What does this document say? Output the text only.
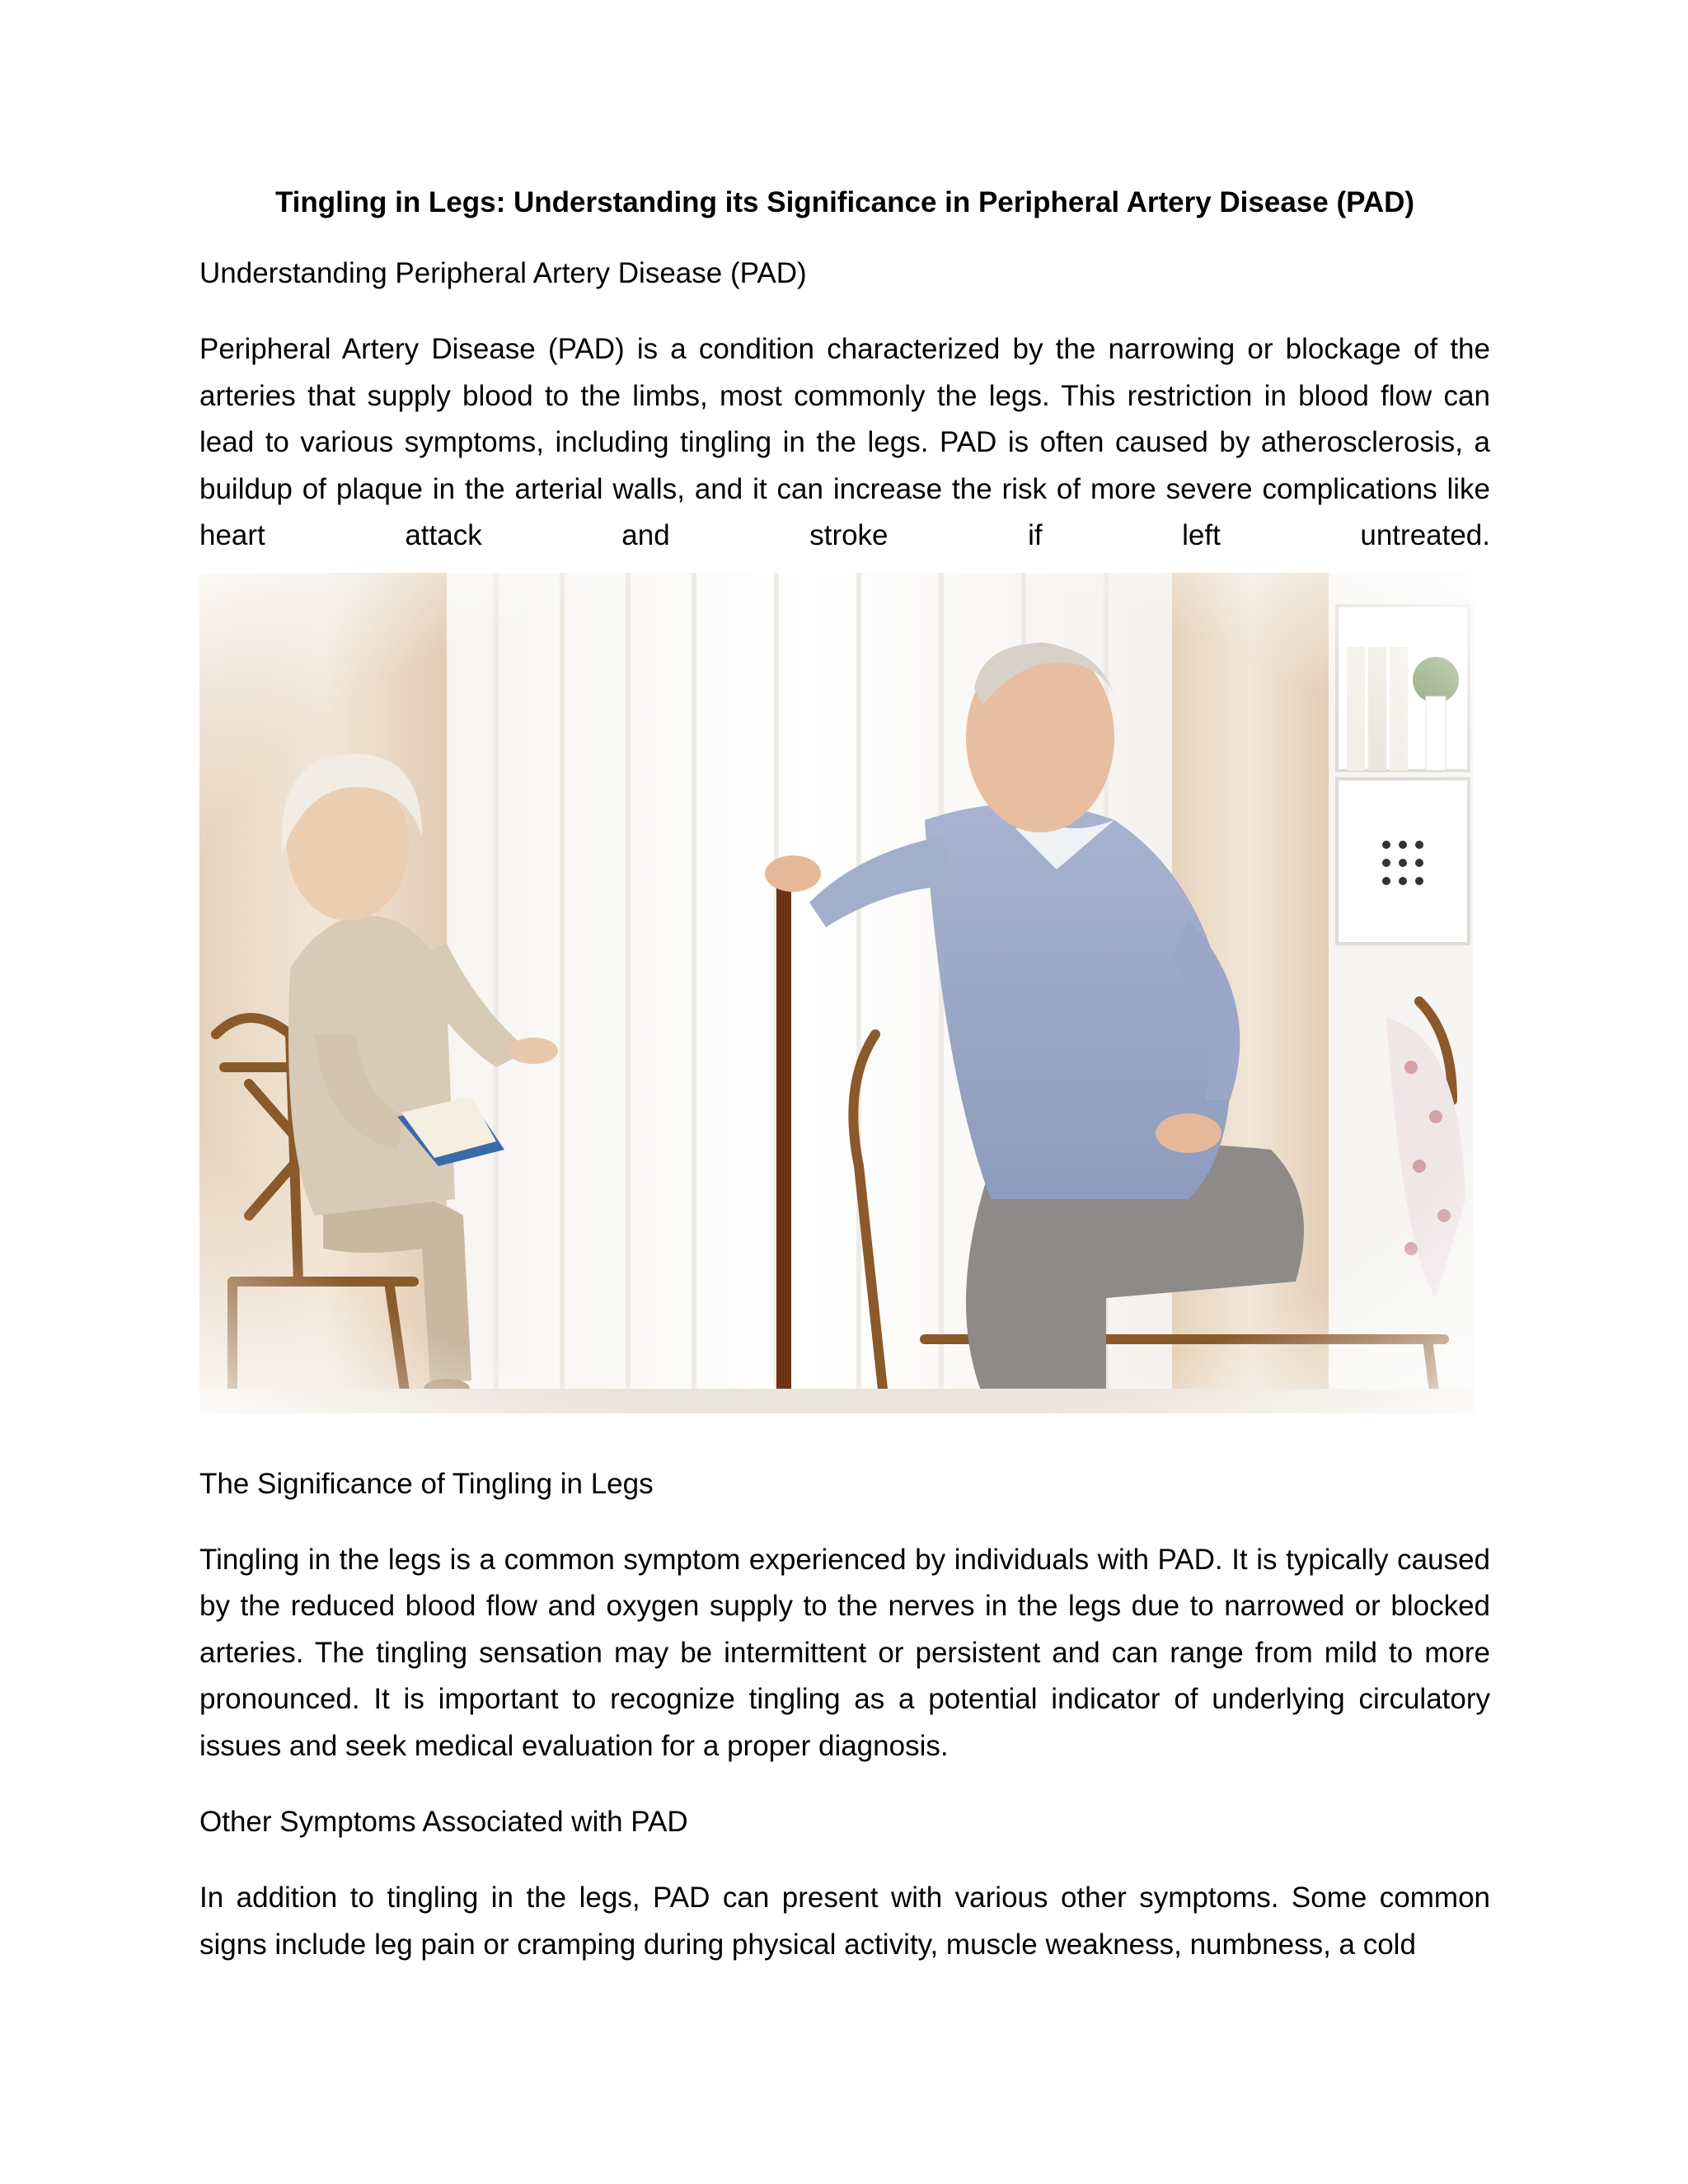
Tingling in Legs: Understanding its Significance in Peripheral Artery Disease (PAD)
Understanding Peripheral Artery Disease (PAD)

Peripheral Artery Disease (PAD) is a condition characterized by the narrowing or blockage of the arteries that supply blood to the limbs, most commonly the legs. This restriction in blood flow can lead to various symptoms, including tingling in the legs. PAD is often caused by atherosclerosis, a buildup of plaque in the arterial walls, and it can increase the risk of more severe complications like heart attack and stroke if left untreated.

The Significance of Tingling in Legs

Tingling in the legs is a common symptom experienced by individuals with PAD. It is typically caused by the reduced blood flow and oxygen supply to the nerves in the legs due to narrowed or blocked arteries. The tingling sensation may be intermittent or persistent and can range from mild to more pronounced. It is important to recognize tingling as a potential indicator of underlying circulatory issues and seek medical evaluation for a proper diagnosis.

Other Symptoms Associated with PAD

In addition to tingling in the legs, PAD can present with various other symptoms. Some common signs include leg pain or cramping during physical activity, muscle weakness, numbness, a cold
